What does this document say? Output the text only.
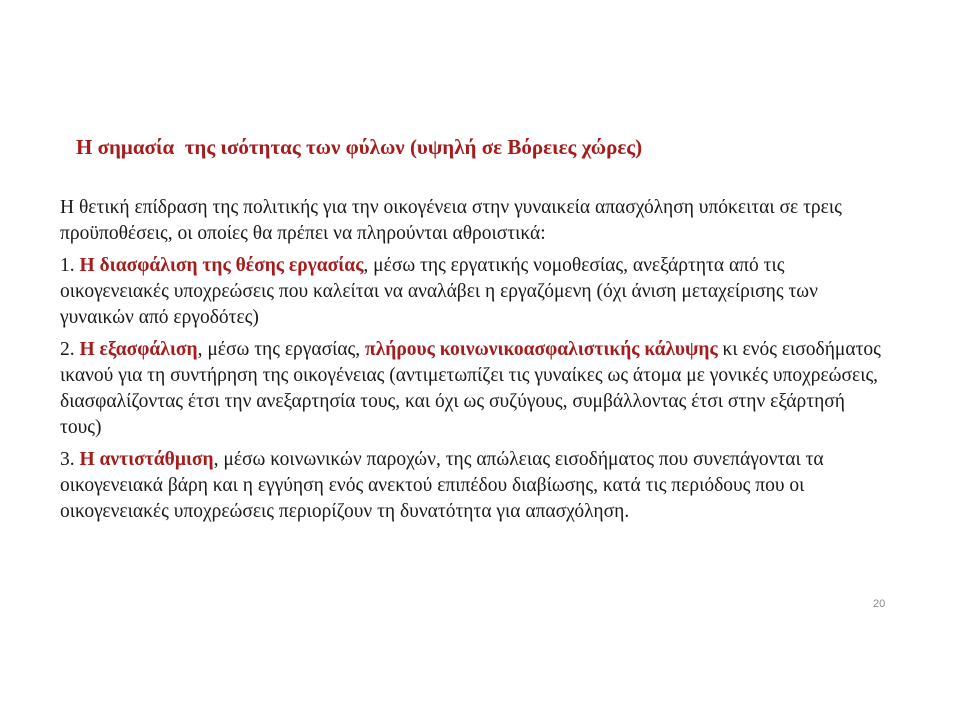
Η σημασία  της ισότητας των φύλων (υψηλή σε Βόρειες χώρες)

Η θετική επίδραση της πολιτικής για την οικογένεια στην γυναικεία απασχόληση υπόκειται σε τρεις προϋποθέσεις, οι οποίες θα πρέπει να πληρούνται αθροιστικά:

1. Η διασφάλιση της θέσης εργασίας, μέσω της εργατικής νομοθεσίας, ανεξάρτητα από τις οικογενειακές υποχρεώσεις που καλείται να αναλάβει η εργαζόμενη (όχι άνιση μεταχείρισης των γυναικών από εργοδότες)

2. Η εξασφάλιση, μέσω της εργασίας, πλήρους κοινωνικοασφαλιστικής κάλυψης κι ενός εισοδήματος ικανού για τη συντήρηση της οικογένειας (αντιμετωπίζει τις γυναίκες ως άτομα με γονικές υποχρεώσεις, διασφαλίζοντας έτσι την ανεξαρτησία τους, και όχι ως συζύγους, συμβάλλοντας έτσι στην εξάρτησή τους)

3. Η αντιστάθμιση, μέσω κοινωνικών παροχών, της απώλειας εισοδήματος που συνεπάγονται τα οικογενειακά βάρη και η εγγύηση ενός ανεκτού επιπέδου διαβίωσης, κατά τις περιόδους που οι οικογενειακές υποχρεώσεις περιορίζουν τη δυνατότητα για απασχόληση.

20
